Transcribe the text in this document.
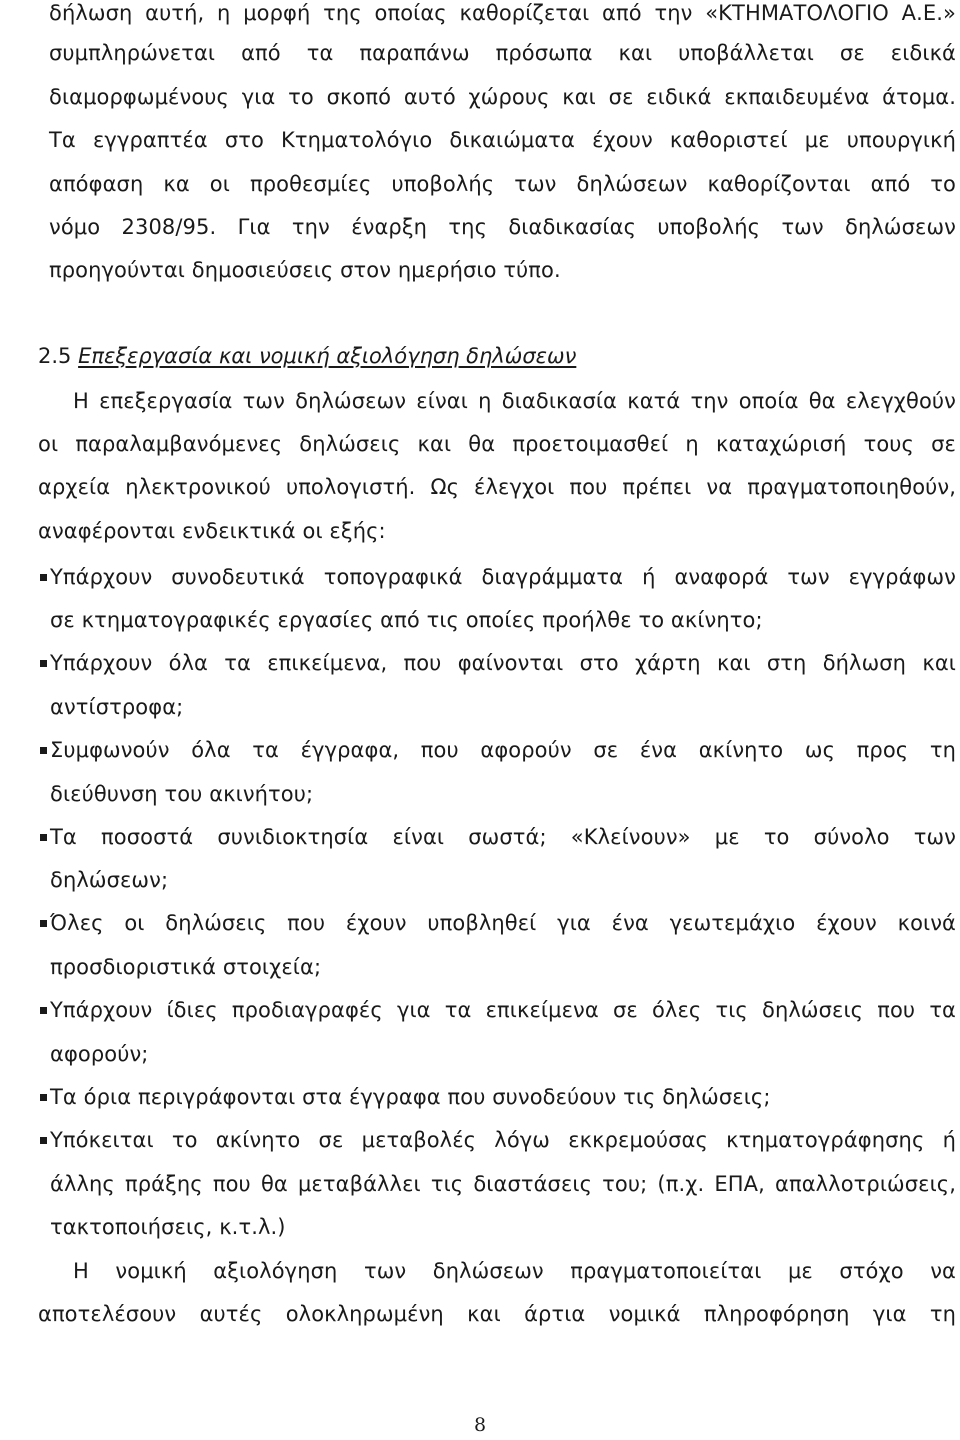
δήλωση αυτή, η μορφή της οποίας καθορίζεται από την «ΚΤΗΜΑΤΟΛΟΓΙΟ Α.Ε.»
συμπληρώνεται από τα παραπάνω πρόσωπα και υποβάλλεται σε ειδικά
διαμορφωμένους για το σκοπό αυτό χώρους και σε ειδικά εκπαιδευμένα άτομα.
Τα εγγραπτέα στο Κτηματολόγιο δικαιώματα έχουν καθοριστεί με υπουργική
απόφαση κα οι προθεσμίες υποβολής των δηλώσεων καθορίζονται από το
νόμο 2308/95. Για την έναρξη της διαδικασίας υποβολής των δηλώσεων
προηγούνται δημοσιεύσεις στον ημερήσιο τύπο.
2.5 Επεξεργασία και νομική αξιολόγηση δηλώσεων
Η επεξεργασία των δηλώσεων είναι η διαδικασία κατά την οποία θα ελεγχθούν
οι παραλαμβανόμενες δηλώσεις και θα προετοιμασθεί η καταχώρισή τους σε
αρχεία ηλεκτρονικού υπολογιστή. Ως έλεγχοι που πρέπει να πραγματοποιηθούν,
αναφέρονται ενδεικτικά οι εξής:
Υπάρχουν συνοδευτικά τοπογραφικά διαγράμματα ή αναφορά των εγγράφων
σε κτηματογραφικές εργασίες από τις οποίες προήλθε το ακίνητο;
Υπάρχουν όλα τα επικείμενα, που φαίνονται στο χάρτη και στη δήλωση και
αντίστροφα;
Συμφωνούν όλα τα έγγραφα, που αφορούν σε ένα ακίνητο ως προς τη
διεύθυνση του ακινήτου;
Τα ποσοστά συνιδιοκτησία είναι σωστά; «Κλείνουν» με το σύνολο των
δηλώσεων;
Όλες οι δηλώσεις που έχουν υποβληθεί για ένα γεωτεμάχιο έχουν κοινά
προσδιοριστικά στοιχεία;
Υπάρχουν ίδιες προδιαγραφές για τα επικείμενα σε όλες τις δηλώσεις που τα
αφορούν;
Τα όρια περιγράφονται στα έγγραφα που συνοδεύουν τις δηλώσεις;
Υπόκειται το ακίνητο σε μεταβολές λόγω εκκρεμούσας κτηματογράφησης ή
άλλης πράξης που θα μεταβάλλει τις διαστάσεις του; (π.χ. ΕΠΑ, απαλλοτριώσεις,
τακτοποιήσεις, κ.τ.λ.)
Η νομική αξιολόγηση των δηλώσεων πραγματοποιείται με στόχο να
αποτελέσουν αυτές ολοκληρωμένη και άρτια νομικά πληροφόρηση για τη
8
